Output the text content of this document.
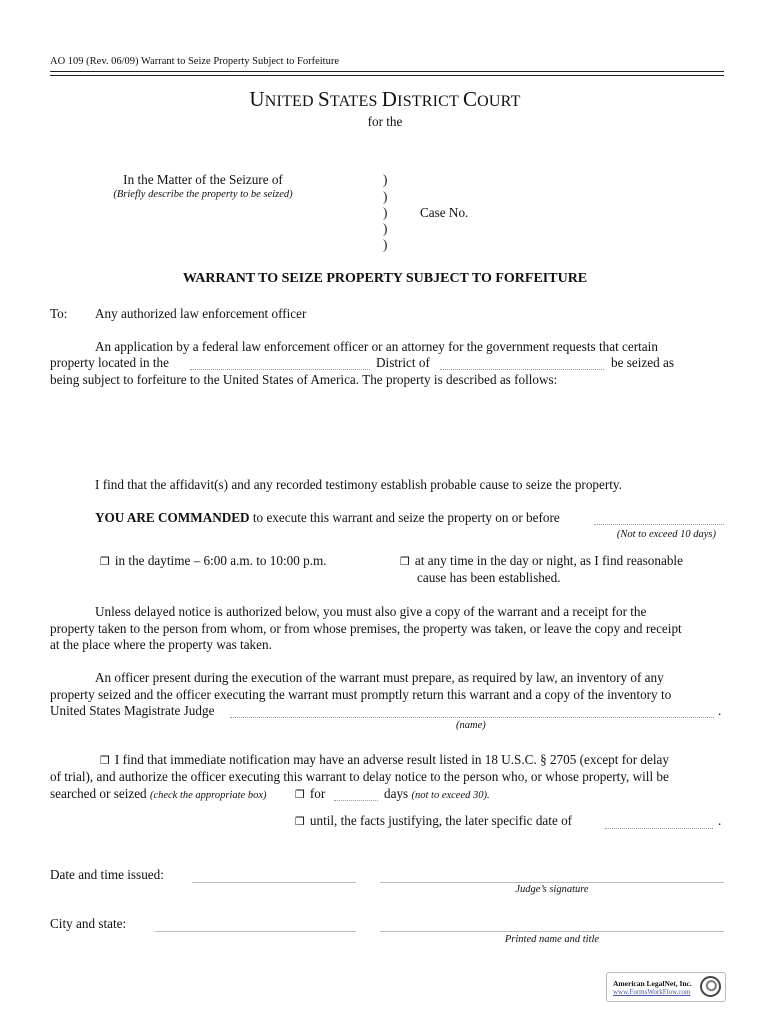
AO 109 (Rev. 06/09) Warrant to Seize Property Subject to Forfeiture
UNITED STATES DISTRICT COURT
for the
In the Matter of the Seizure of
(Briefly describe the property to be seized)
)
)
)
)
)
Case No.
WARRANT TO SEIZE PROPERTY SUBJECT TO FORFEITURE
To: Any authorized law enforcement officer
An application by a federal law enforcement officer or an attorney for the government requests that certain
property located in the	District of	be seized as
being subject to forfeiture to the United States of America. The property is described as follows:
I find that the affidavit(s) and any recorded testimony establish probable cause to seize the property.
YOU ARE COMMANDED to execute this warrant and seize the property on or before
(Not to exceed 10 days)
❒ in the daytime – 6:00 a.m. to 10:00 p.m.	❒ at any time in the day or night, as I find reasonable
cause has been established.
Unless delayed notice is authorized below, you must also give a copy of the warrant and a receipt for the
property taken to the person from whom, or from whose premises, the property was taken, or leave the copy and receipt
at the place where the property was taken.
An officer present during the execution of the warrant must prepare, as required by law, an inventory of any
property seized and the officer executing the warrant must promptly return this warrant and a copy of the inventory to
United States Magistrate Judge	.
(name)
❒ I find that immediate notification may have an adverse result listed in 18 U.S.C. § 2705 (except for delay
of trial), and authorize the officer executing this warrant to delay notice to the person who, or whose property, will be
searched or seized (check the appropriate box)	❒ for	days (not to exceed 30).
❒ until, the facts justifying, the later specific date of	.
Date and time issued:
Judge’s signature
City and state:
Printed name and title
American LegalNet, Inc.
www.FormsWorkFlow.com
